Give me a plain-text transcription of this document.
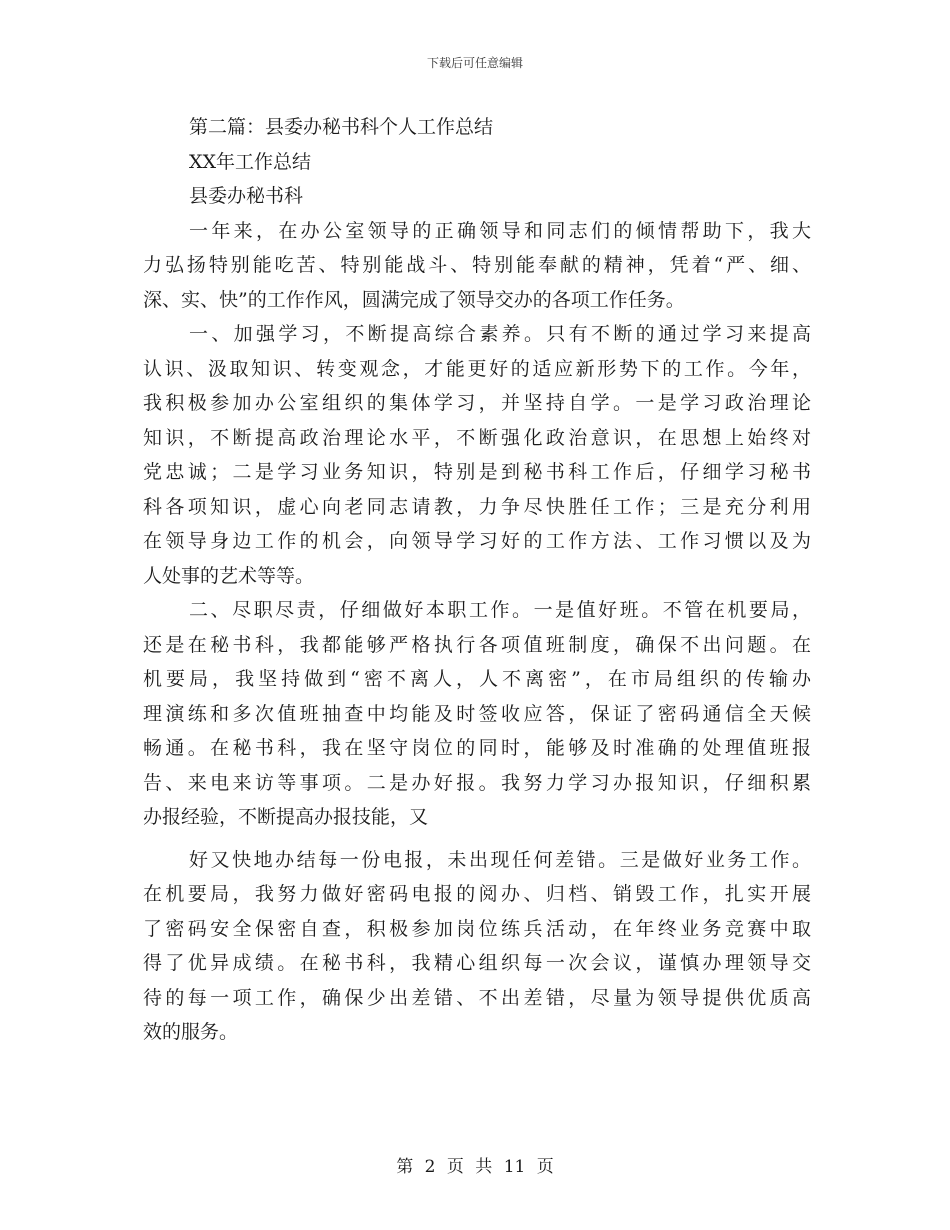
下载后可任意编辑
第二篇：县委办秘书科个人工作总结
XX年工作总结
县委办秘书科
一年来，在办公室领导的正确领导和同志们的倾情帮助下，我大
力弘扬特别能吃苦、特别能战斗、特别能奉献的精神，凭着“严、细、
深、实、快”的工作作风，圆满完成了领导交办的各项工作任务。
一、加强学习，不断提高综合素养。只有不断的通过学习来提高
认识、汲取知识、转变观念，才能更好的适应新形势下的工作。今年，
我积极参加办公室组织的集体学习，并坚持自学。一是学习政治理论
知识，不断提高政治理论水平，不断强化政治意识，在思想上始终对
党忠诚；二是学习业务知识，特别是到秘书科工作后，仔细学习秘书
科各项知识，虚心向老同志请教，力争尽快胜任工作；三是充分利用
在领导身边工作的机会，向领导学习好的工作方法、工作习惯以及为
人处事的艺术等等。
二、尽职尽责，仔细做好本职工作。一是值好班。不管在机要局，
还是在秘书科，我都能够严格执行各项值班制度，确保不出问题。在
机要局，我坚持做到“密不离人，人不离密”，在市局组织的传输办
理演练和多次值班抽查中均能及时签收应答，保证了密码通信全天候
畅通。在秘书科，我在坚守岗位的同时，能够及时准确的处理值班报
告、来电来访等事项。二是办好报。我努力学习办报知识，仔细积累
办报经验，不断提高办报技能，又
好又快地办结每一份电报，未出现任何差错。三是做好业务工作。
在机要局，我努力做好密码电报的阅办、归档、销毁工作，扎实开展
了密码安全保密自查，积极参加岗位练兵活动，在年终业务竞赛中取
得了优异成绩。在秘书科，我精心组织每一次会议，谨慎办理领导交
待的每一项工作，确保少出差错、不出差错，尽量为领导提供优质高
效的服务。
第 2 页 共 11 页
